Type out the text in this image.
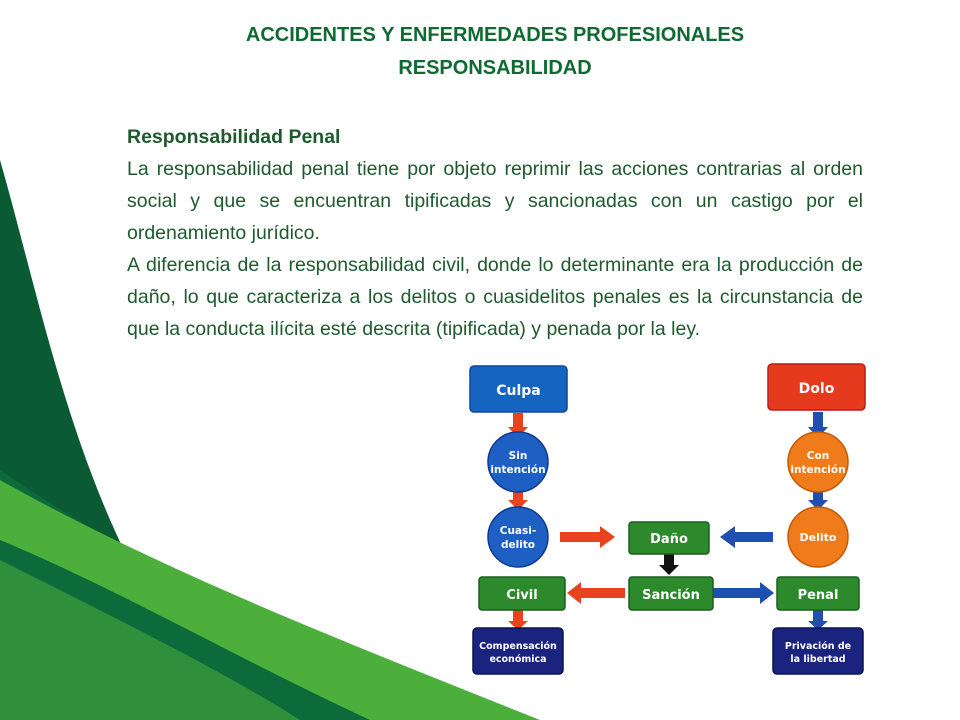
ACCIDENTES Y ENFERMEDADES PROFESIONALES
RESPONSABILIDAD
Responsabilidad Penal

La responsabilidad penal tiene por objeto reprimir las acciones contrarias al orden social y que se encuentran tipificadas y sancionadas con un castigo por el ordenamiento jurídico.

A diferencia de la responsabilidad civil, donde lo determinante era la producción de daño, lo que caracteriza a los delitos o cuasidelitos penales es la circunstancia de que la conducta ilícita esté descrita (tipificada) y penada por la ley.

Culpa	Dolo
Sin
intención
Con
intención
Cuasi-
delito
Delito
Daño
Sanción
Civil	Penal
Compensación
económica
Privación de
la libertad
